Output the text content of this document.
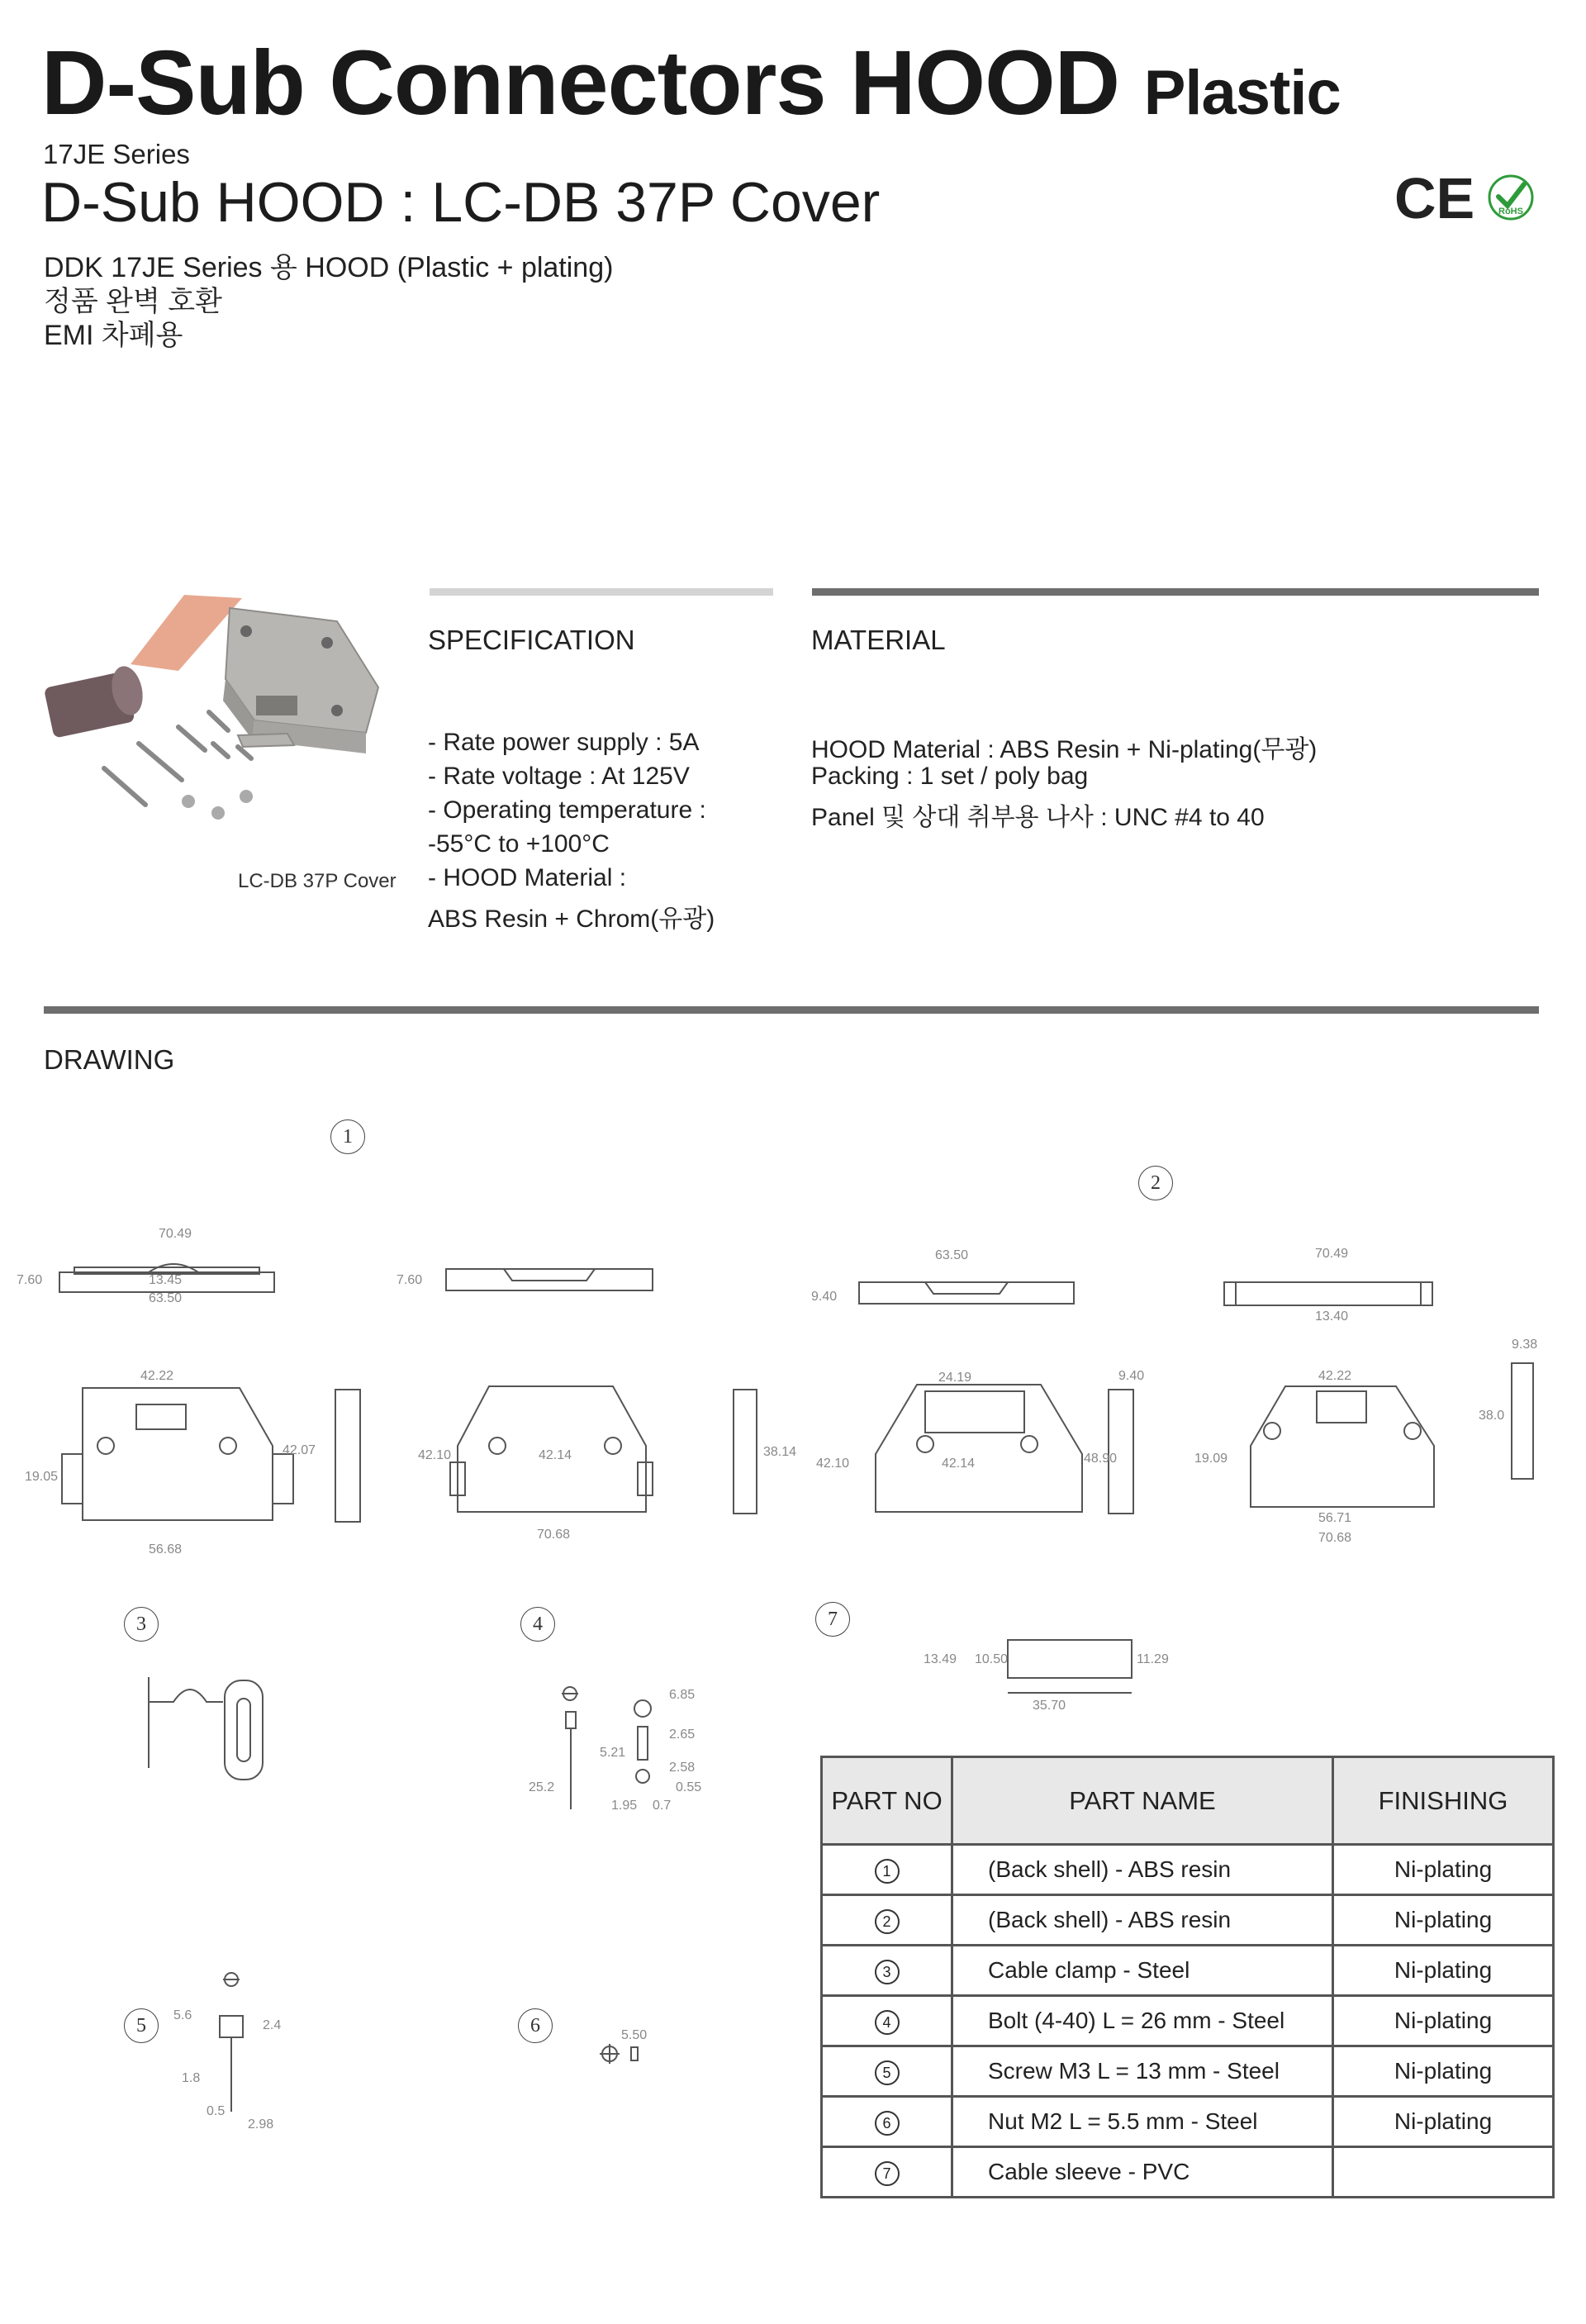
D-Sub Connectors HOOD Plastic
17JE Series
D-Sub HOOD : LC-DB 37P Cover
DDK 17JE Series 용 HOOD (Plastic + plating)
정품 완벽 호환
EMI 차폐용
CE	RoHS
LC-DB 37P Cover
SPECIFICATION
- Rate power supply : 5A
- Rate voltage : At 125V
- Operating temperature :
-55°C to +100°C
- HOOD Material :
ABS Resin + Chrom(유광)
MATERIAL
HOOD Material : ABS Resin + Ni-plating(무광)
Packing : 1 set / poly bag
Panel 및 상대 취부용 나사 : UNC #4 to 40
DRAWING
1
2
3	4	7
5	6
70.49
7.60	13.45
63.50
7.60
42.22
19.05
42.07
56.68
42.10	42.14
70.68
38.14
63.50
9.40
24.19
42.10	42.14
9.40
48.90
70.49
13.40
42.22
9.38
19.09
38.0
56.71
70.68
6.85
2.65
5.21
2.58
0.55
25.2
1.95 0.7
13.49 10.50	11.29
35.70
5.6
2.4
1.8
0.5
2.98
5.50
PART NO	PART NAME	FINISHING
1	(Back shell) - ABS resin	Ni-plating
2	(Back shell) - ABS resin	Ni-plating
3	Cable clamp - Steel	Ni-plating
4	Bolt (4-40) L = 26 mm - Steel	Ni-plating
5	Screw M3 L = 13 mm - Steel	Ni-plating
6	Nut M2 L = 5.5 mm - Steel	Ni-plating
7	Cable sleeve - PVC	
